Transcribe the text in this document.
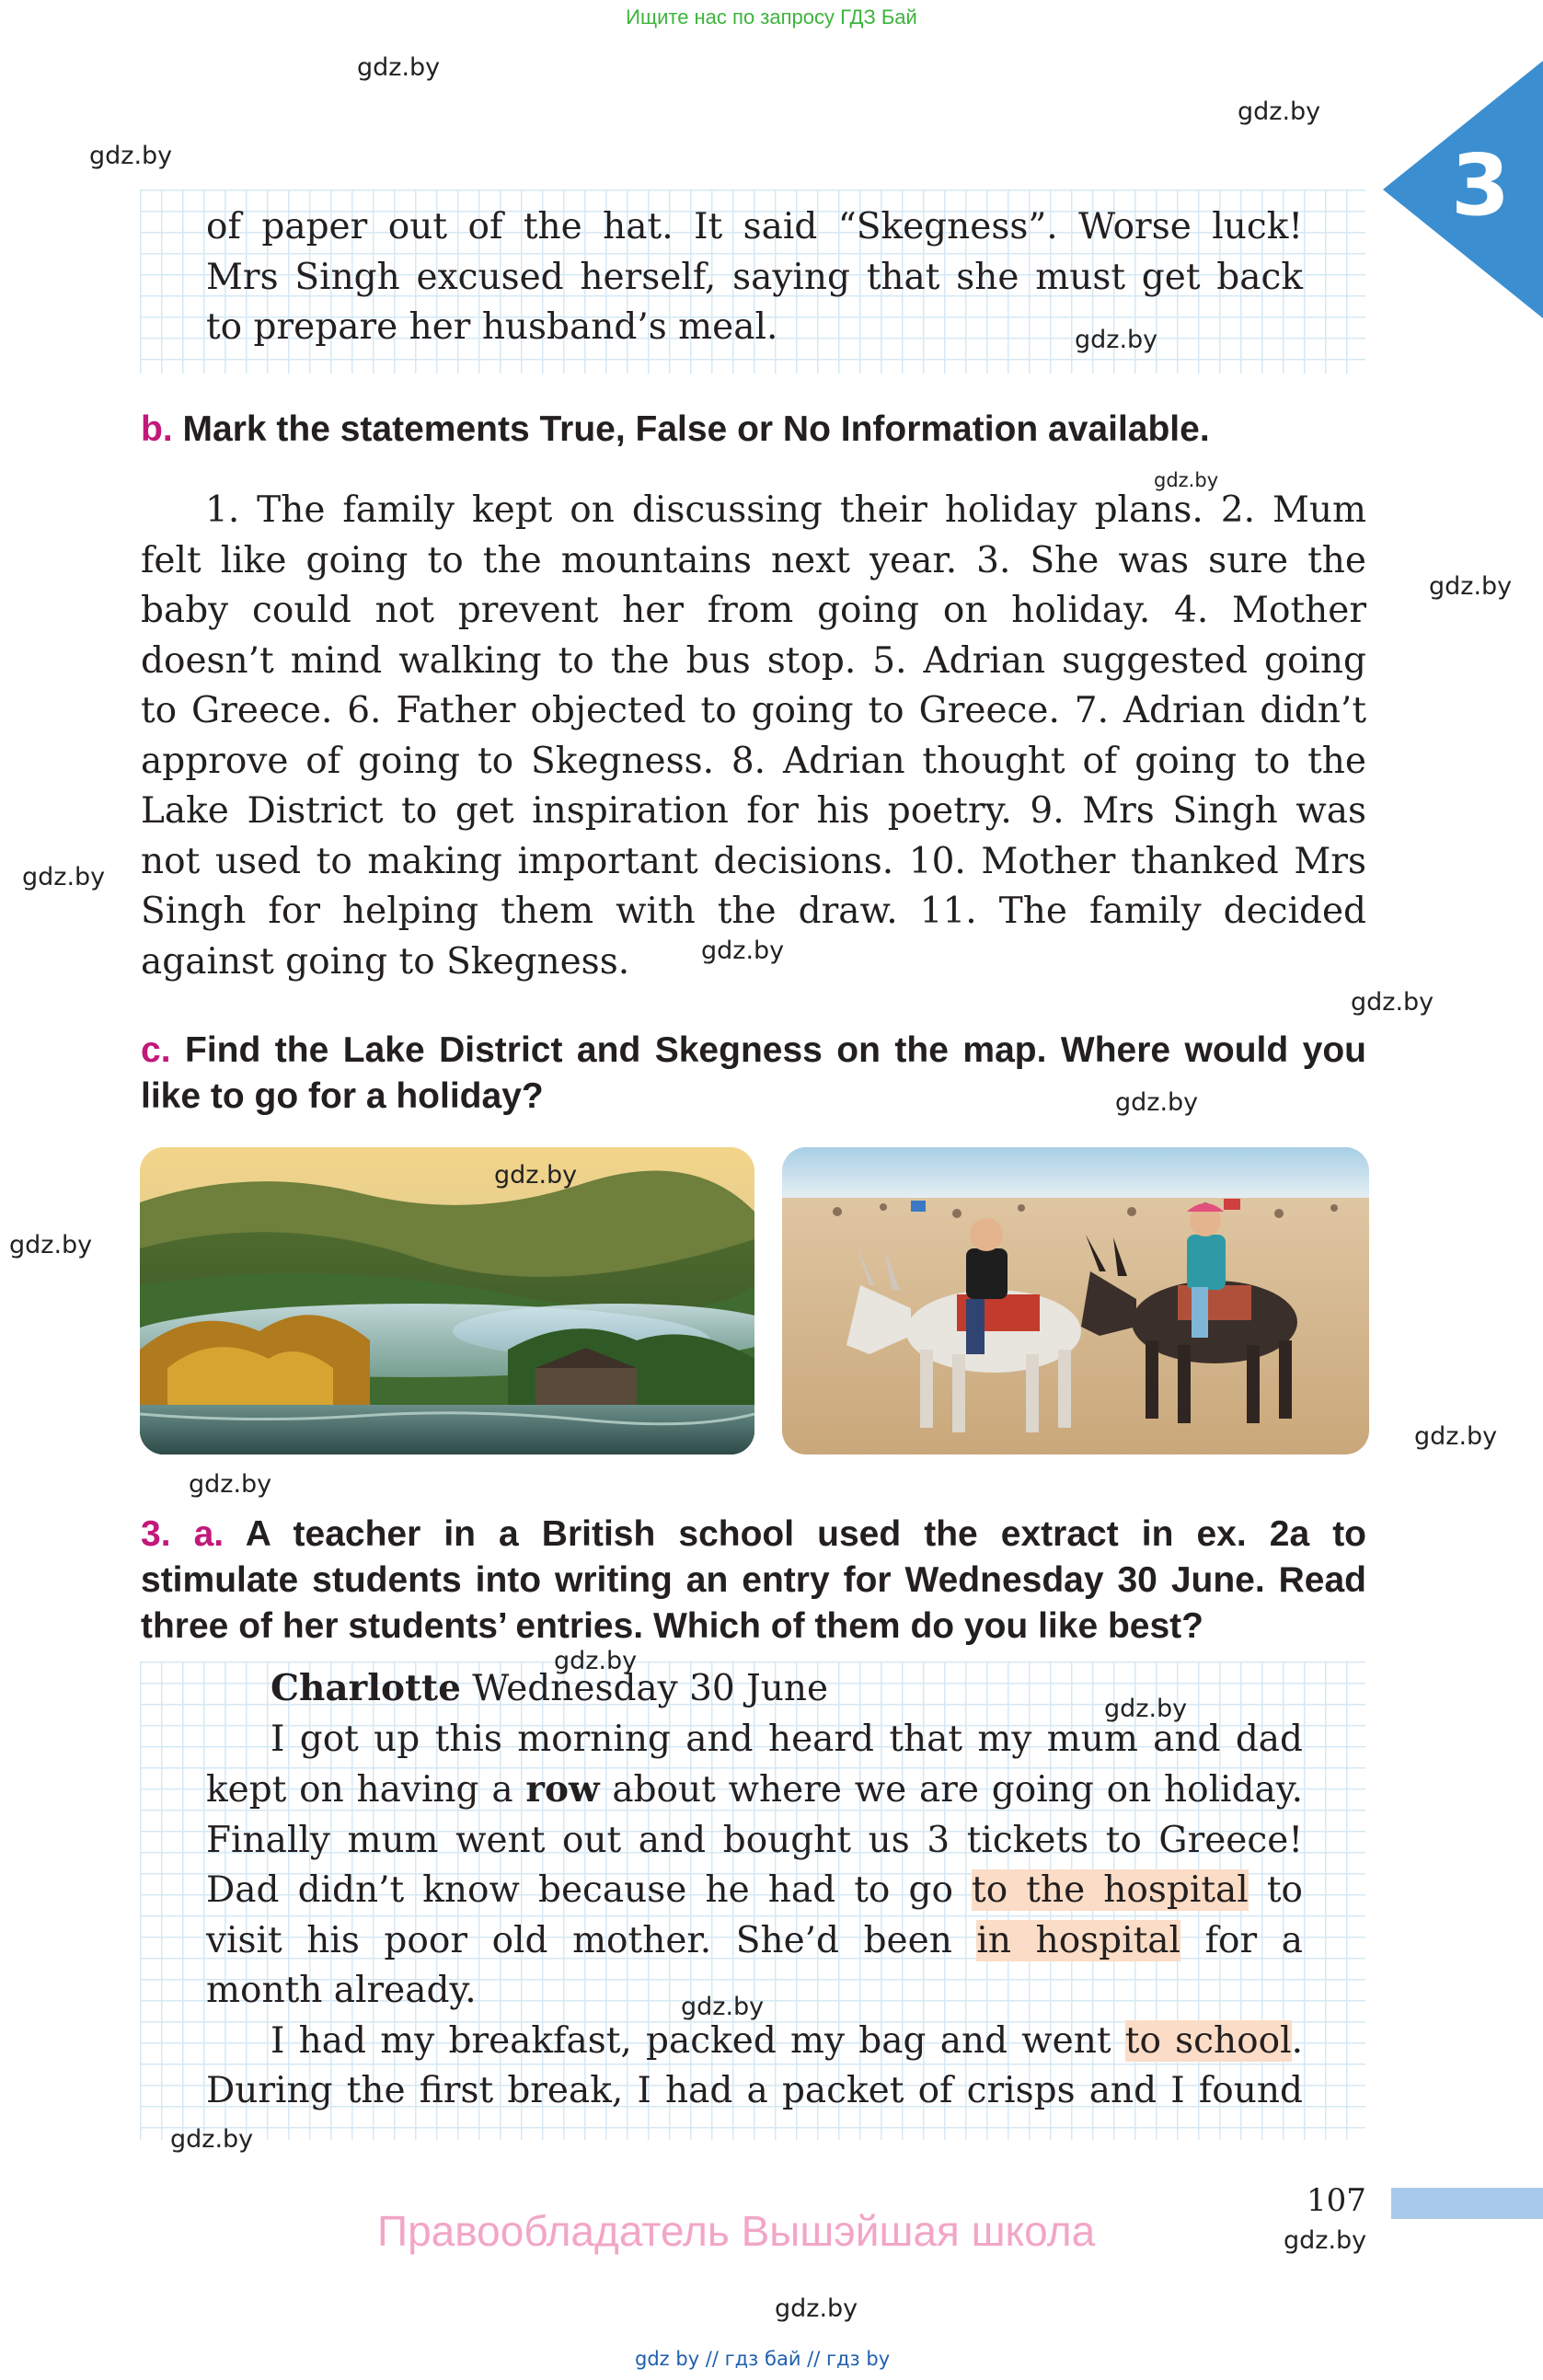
Ищите нас по запросу ГДЗ Бай
3
of paper out of the hat. It said “Skegness”. Worse luck!
Mrs Singh excused herself, saying that she must get back
to prepare her husband’s meal.
b. Mark the statements True, False or No Information available.
1. The family kept on discussing their holiday plans. 2. Mum
felt like going to the mountains next year. 3. She was sure the
baby could not prevent her from going on holiday. 4. Mother
doesn’t mind walking to the bus stop. 5. Adrian suggested going
to Greece. 6. Father objected to going to Greece. 7. Adrian didn’t
approve of going to Skegness. 8. Adrian thought of going to the
Lake District to get inspiration for his poetry. 9. Mrs Singh was
not used to making important decisions. 10. Mother thanked Mrs
Singh for helping them with the draw. 11. The family decided
against going to Skegness.
c. Find the Lake District and Skegness on the map. Where would you
like to go for a holiday?
3. a. A teacher in a British school used the extract in ex. 2a to
stimulate students into writing an entry for Wednesday 30 June. Read
three of her students’ entries. Which of them do you like best?
Charlotte Wednesday 30 June
I got up this morning and heard that my mum and dad
kept on having a row about where we are going on holiday.
Finally mum went out and bought us 3 tickets to Greece!
Dad didn’t know because he had to go to the hospital to
visit his poor old mother. She’d been in hospital for a
month already.
I had my breakfast, packed my bag and went to school.
During the first break, I had a packet of crisps and I found
107
Правообладатель Вышэйшая школа
gdz by // гдз бай // гдз by
gdz.by
gdz.by
gdz.by
gdz.by
gdz.by
gdz.by
gdz.by
gdz.by
gdz.by
gdz.by
gdz.by
gdz.by
gdz.by
gdz.by
gdz.by
gdz.by
gdz.by
gdz.by
gdz.by
gdz.by
